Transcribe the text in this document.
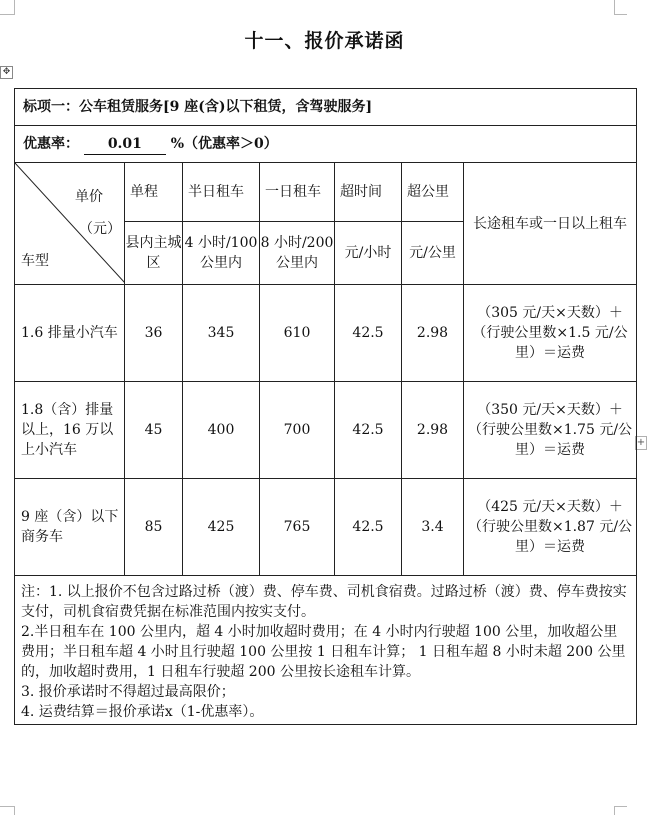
✥
+
十一、报价承诺函
标项一：公车租赁服务[9 座(含)以下租赁，含驾驶服务]						
优惠率： 0.01 %（优惠率＞0）						

单价
（元）
车型	单程	半日租车	一日租车	超时间	超公里	长途租车或一日以上租车
	县内主城区	4 小时/100 公里内	8 小时/200 公里内	元/小时	元/公里	
1.6 排量小汽车	36	345	610	42.5	2.98	（305 元/天×天数）＋（行驶公里数×1.5 元/公里）＝运费
1.8（含）排量以上，16 万以上小汽车	45	400	700	42.5	2.98	（350 元/天×天数）＋（行驶公里数×1.75 元/公里）＝运费
9 座（含）以下商务车	85	425	765	42.5	3.4	（425 元/天×天数）＋（行驶公里数×1.87 元/公里）＝运费

注：1. 以上报价不包含过路过桥（渡）费、停车费、司机食宿费。过路过桥（渡）费、停车费按实支付，司机食宿费凭据在标准范围内按实支付。

2.半日租车在 100 公里内，超 4 小时加收超时费用；在 4 小时内行驶超 100 公里，加收超公里费用；半日租车超 4 小时且行驶超 100 公里按 1 日租车计算； 1 日租车超 8 小时未超 200 公里的，加收超时费用，1 日租车行驶超 200 公里按长途租车计算。

3. 报价承诺时不得超过最高限价；

4. 运费结算＝报价承诺ⅹ（1-优惠率）。						
